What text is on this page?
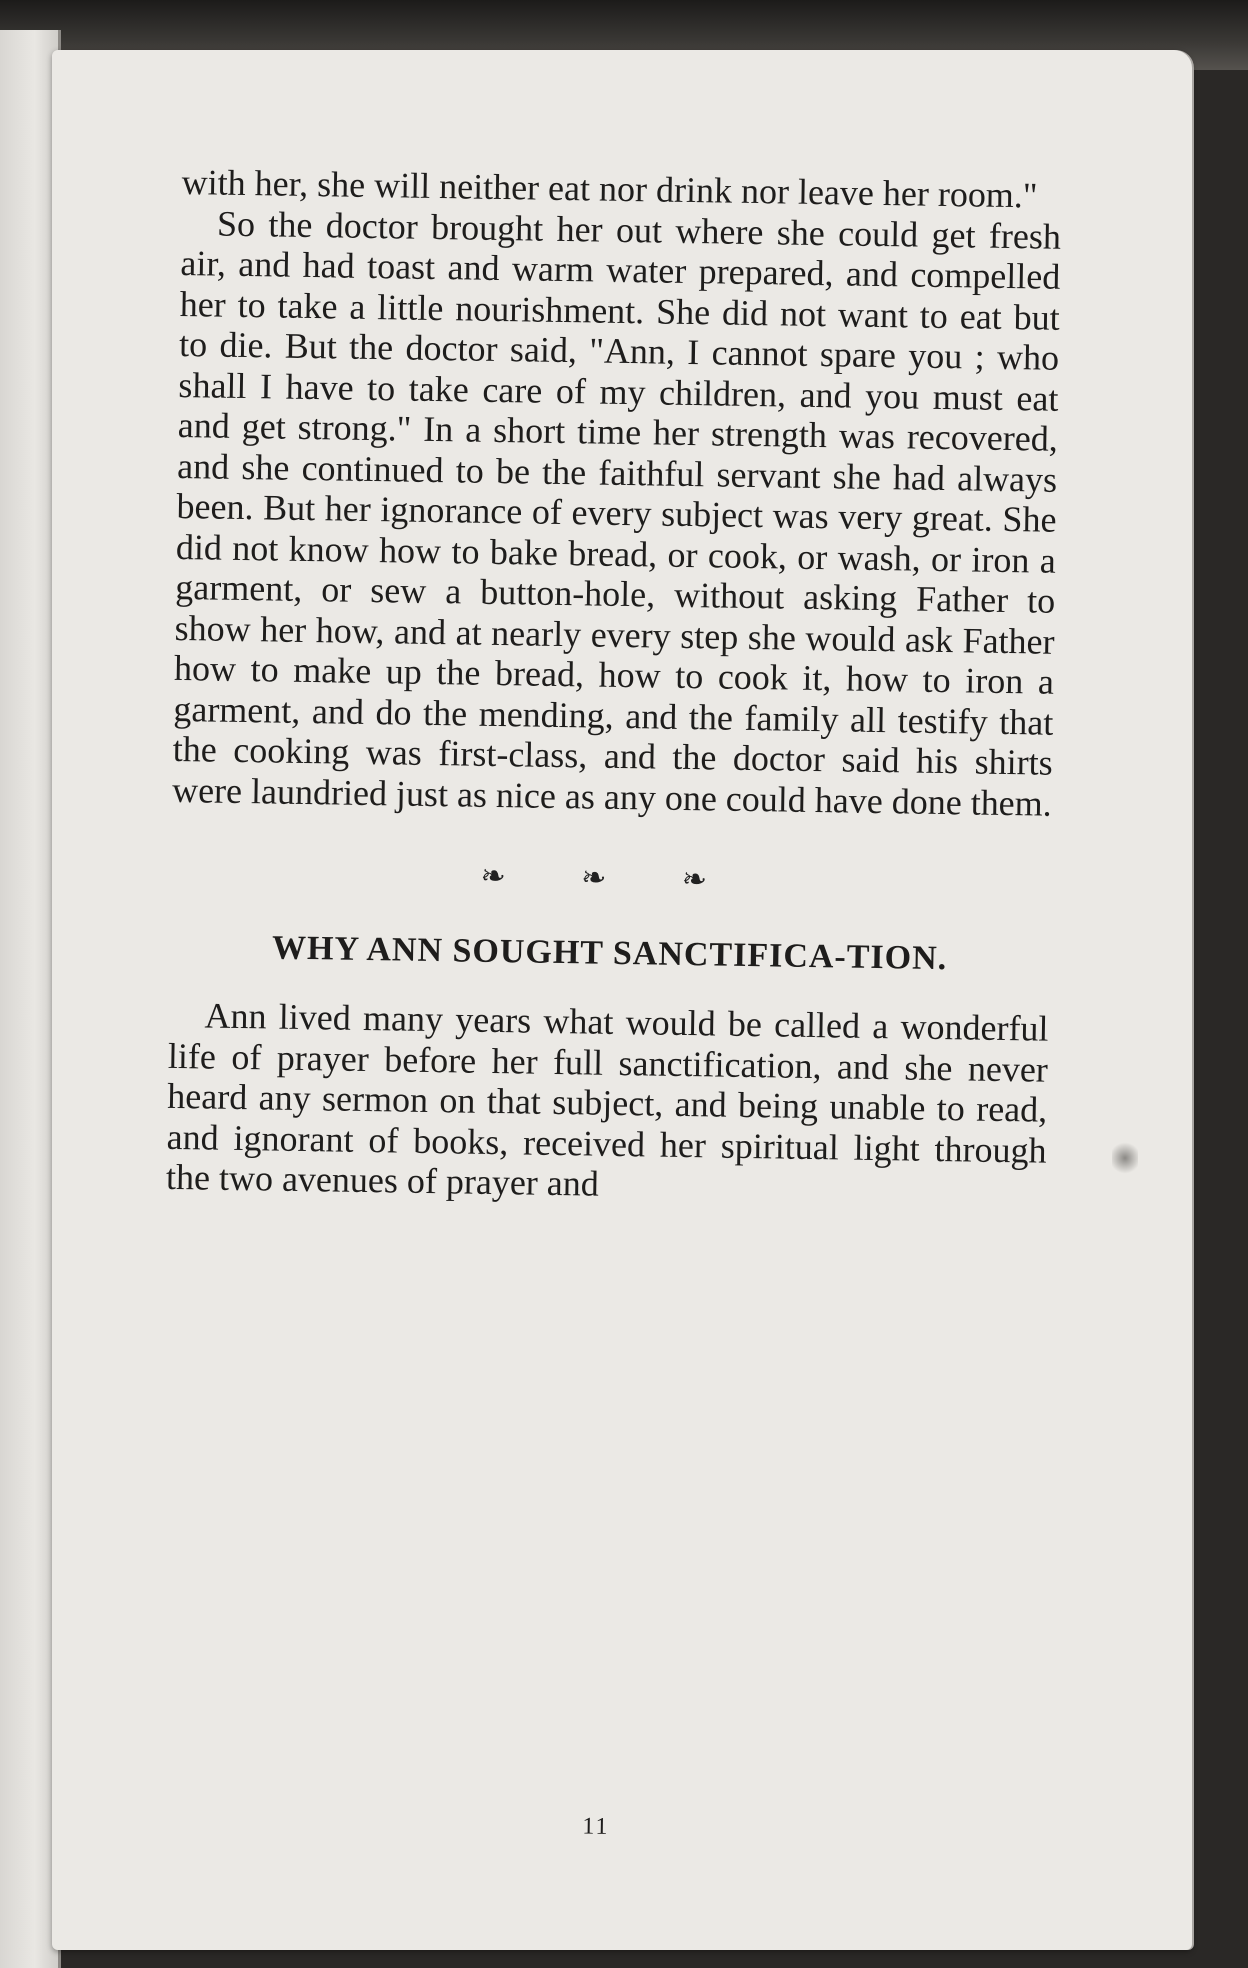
with her, she will neither eat nor drink nor leave her room."

So the doctor brought her out where she could get fresh air, and had toast and warm water prepared, and compelled her to take a little nourishment. She did not want to eat but to die. But the doctor said, "Ann, I cannot spare you ; who shall I have to take care of my children, and you must eat and get strong." In a short time her strength was recovered, and she continued to be the faithful servant she had always been. But her ignorance of every subject was very great. She did not know how to bake bread, or cook, or wash, or iron a garment, or sew a button-hole, without asking Father to show her how, and at nearly every step she would ask Father how to make up the bread, how to cook it, how to iron a garment, and do the mending, and the family all testify that the cooking was first-class, and the doctor said his shirts were laundried just as nice as any one could have done them.

❧ ❧ ❧
WHY ANN SOUGHT SANCTIFICA-TION.

Ann lived many years what would be called a wonderful life of prayer before her full sanctification, and she never heard any sermon on that subject, and being unable to read, and ignorant of books, received her spiritual light through the two avenues of prayer and

11
